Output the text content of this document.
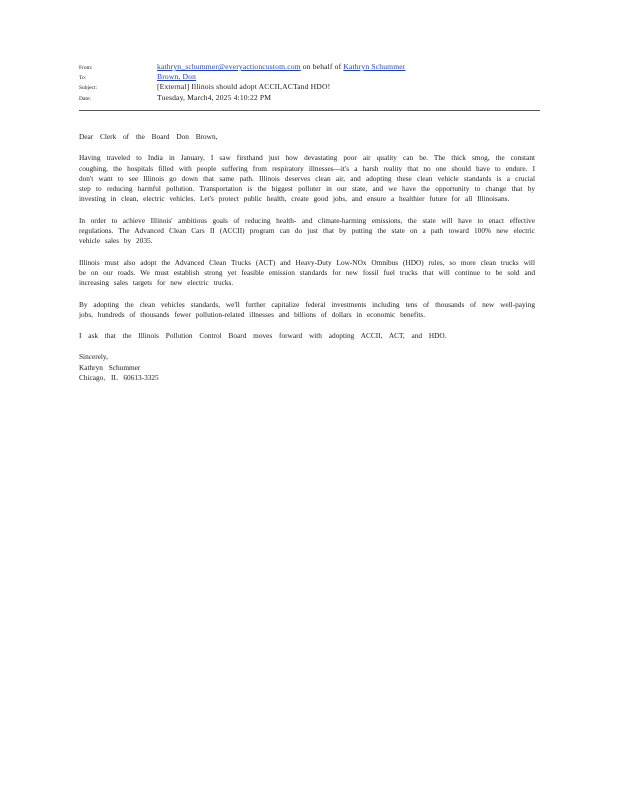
From:	kathryn_schummer@everyactioncustom.com on behalf of Kathryn Schummer
To:	Brown, Don
Subject:	[External] Illinois should adopt ACCII,ACTand HDO!
Date:	Tuesday, March4, 2025 4:10:22 PM

Dear Clerk of the Board Don Brown,

Having traveled to India in January, I saw firsthand just how devastating poor air quality can be. The thick smog, the constant coughing, the hospitals filled with people suffering from respiratory illnesses—it's a harsh reality that no one should have to endure. I don't want to see Illinois go down that same path. Illinois deserves clean air, and adopting these clean vehicle standards is a crucial step to reducing harmful pollution. Transportation is the biggest polluter in our state, and we have the opportunity to change that by investing in clean, electric vehicles. Let's protect public health, create good jobs, and ensure a healthier future for all Illinoisans.

In order to achieve Illinois' ambitious goals of reducing health- and climate-harming emissions, the state will have to enact effective regulations. The Advanced Clean Cars II (ACCII) program can do just that by putting the state on a path toward 100% new electric vehicle sales by 2035.

Illinois must also adopt the Advanced Clean Trucks (ACT) and Heavy-Duty Low-NOx Omnibus (HDO) rules, so more clean trucks will be on our roads. We must establish strong yet feasible emission standards for new fossil fuel trucks that will continue to be sold and increasing sales targets for new electric trucks.

By adopting the clean vehicles standards, we'll further capitalize federal investments including tens of thousands of new well-paying jobs, hundreds of thousands fewer pollution-related illnesses and billions of dollars in economic benefits.

I ask that the Illinois Pollution Control Board moves forward with adopting ACCII, ACT, and HDO.

Sincerely,
Kathryn Schummer
Chicago, IL 60613-3325
